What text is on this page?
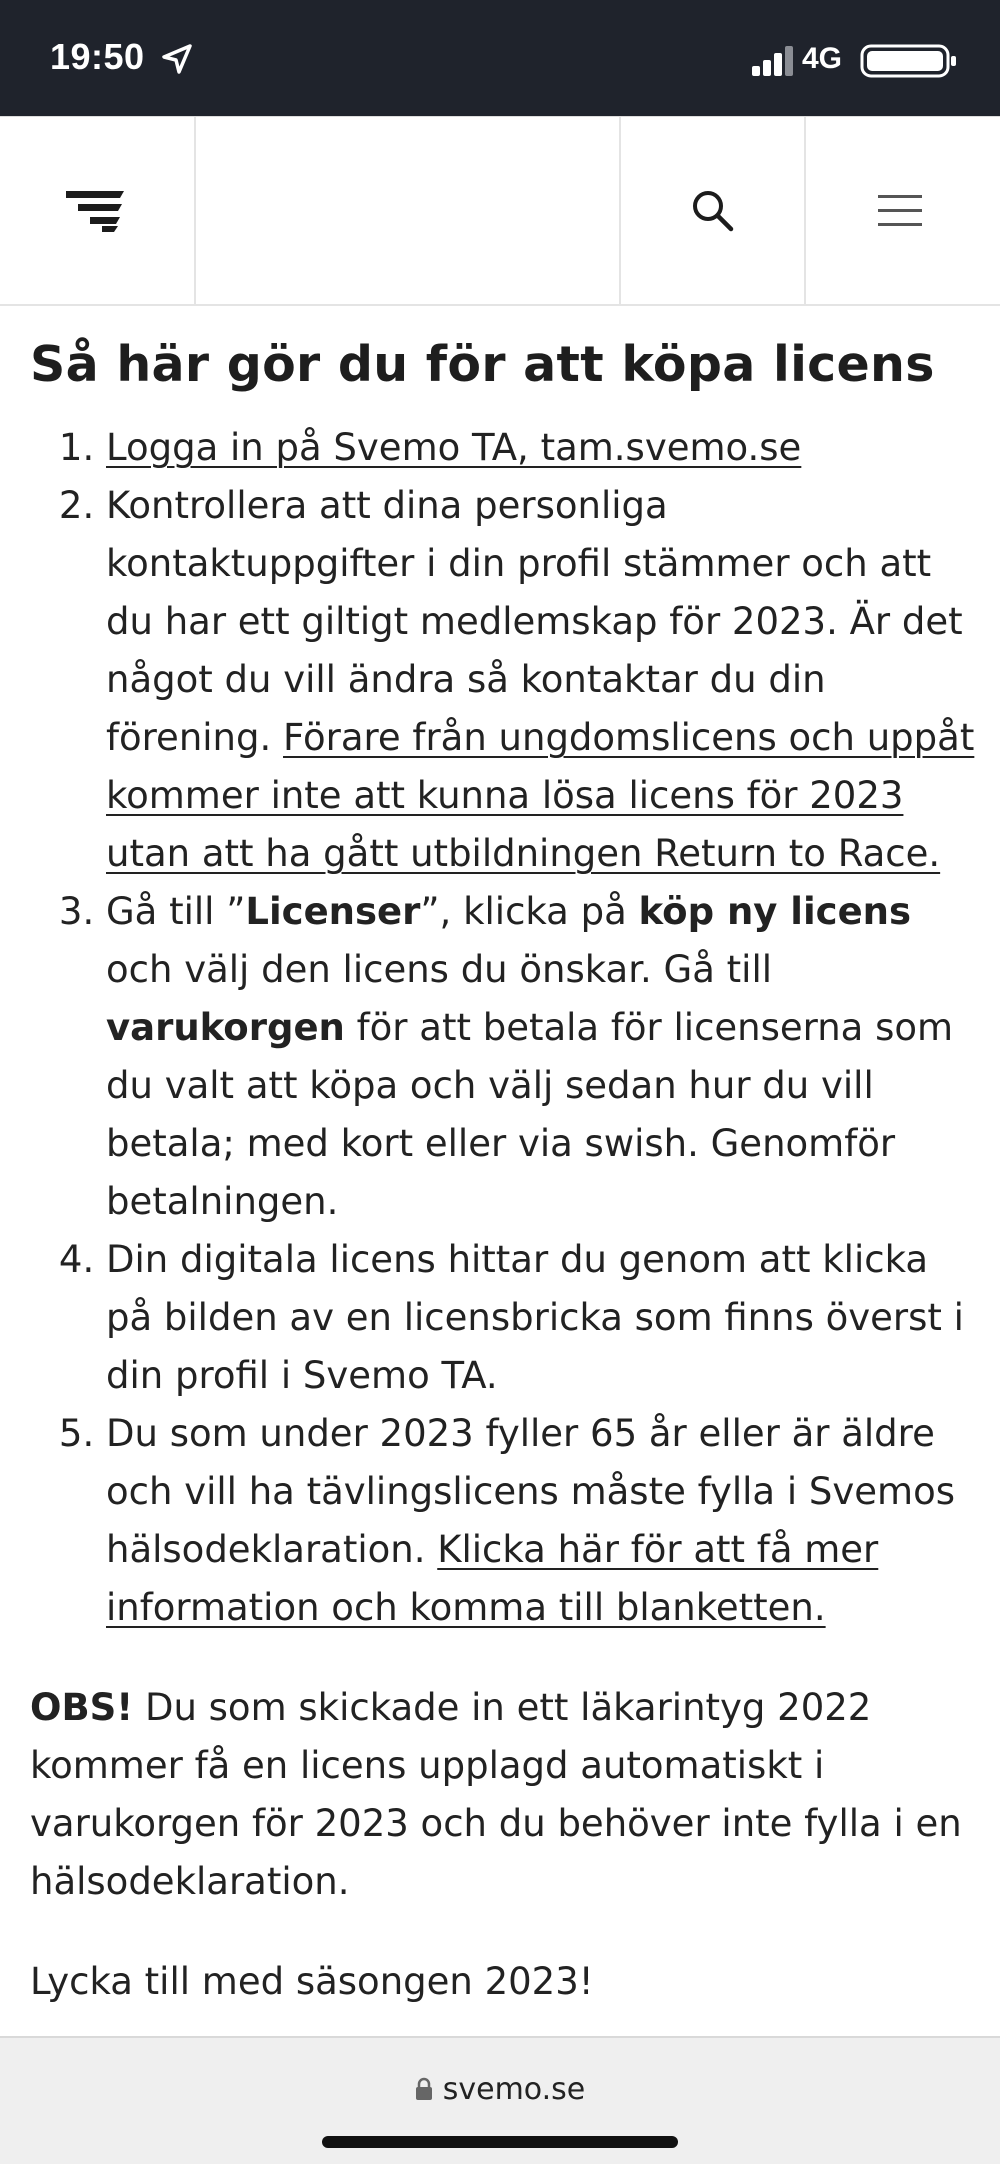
19:50	4G
Så här gör du för att köpa licens
1. Logga in på Svemo TA, tam.svemo.se
2. Kontrollera att dina personliga kontaktuppgifter i din profil stämmer och att du har ett giltigt medlemskap för 2023. Är det något du vill ändra så kontaktar du din förening. Förare från ungdomslicens och uppåt kommer inte att kunna lösa licens för 2023 utan att ha gått utbildningen Return to Race.
3. Gå till ”Licenser”, klicka på köp ny licens och välj den licens du önskar. Gå till varukorgen för att betala för licenserna som du valt att köpa och välj sedan hur du vill betala; med kort eller via swish. Genomför betalningen.
4. Din digitala licens hittar du genom att klicka på bilden av en licensbricka som finns överst i din profil i Svemo TA.
5. Du som under 2023 fyller 65 år eller är äldre och vill ha tävlingslicens måste fylla i Svemos hälsodeklaration. Klicka här för att få mer information och komma till blanketten.

OBS! Du som skickade in ett läkarintyg 2022 kommer få en licens upplagd automatiskt i varukorgen för 2023 och du behöver inte fylla i en hälsodeklaration.

Lycka till med säsongen 2023!

svemo.se
